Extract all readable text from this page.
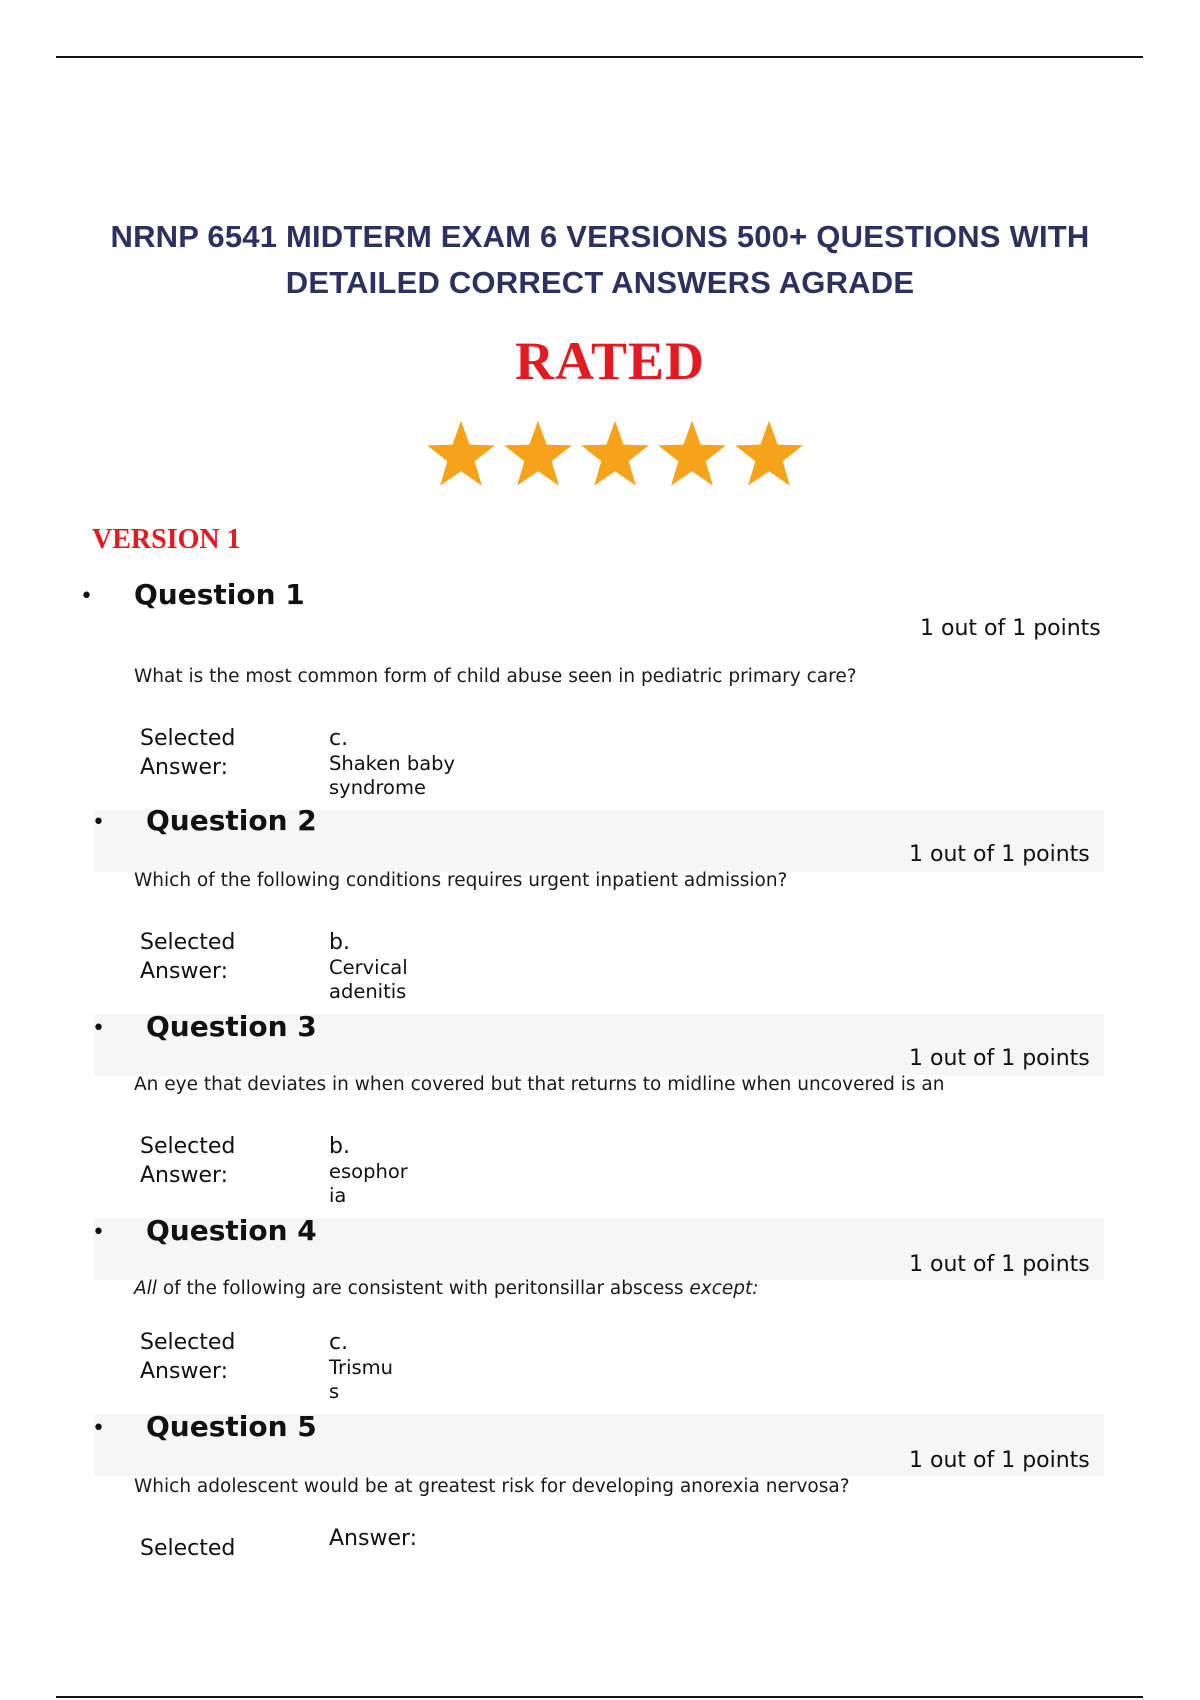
NRNP 6541 MIDTERM EXAM 6 VERSIONS 500+ QUESTIONS WITH
DETAILED CORRECT ANSWERS AGRADE
RATED
VERSION 1
• Question 1
1 out of 1 points
What is the most common form of child abuse seen in pediatric primary care?
Selected
Answer:
c.
Shaken baby
syndrome
• Question 2
1 out of 1 points
Which of the following conditions requires urgent inpatient admission?
Selected
Answer:
b.
Cervical
adenitis
• Question 3
1 out of 1 points
An eye that deviates in when covered but that returns to midline when uncovered is an
Selected
Answer:
b.
esophor
ia
• Question 4
1 out of 1 points
All of the following are consistent with peritonsillar abscess except:
Selected
Answer:
c.
Trismu
s
• Question 5
1 out of 1 points
Which adolescent would be at greatest risk for developing anorexia nervosa?
Selected	Answer:
